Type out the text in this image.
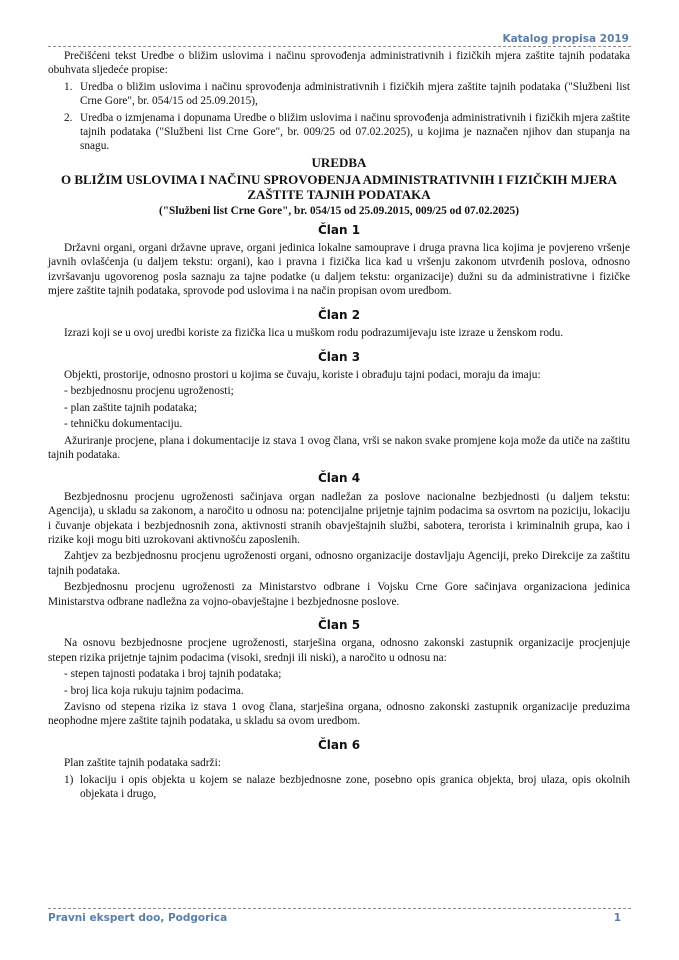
Katalog propisa 2019

Prečišćeni tekst Uredbe o bližim uslovima i načinu sprovođenja administrativnih i fizičkih mjera zaštite tajnih podataka obuhvata sljedeće propise:

1. Uredba o bližim uslovima i načinu sprovođenja administrativnih i fizičkih mjera zaštite tajnih podataka ("Službeni list Crne Gore", br. 054/15 od 25.09.2015),
2. Uredba o izmjenama i dopunama Uredbe o bližim uslovima i načinu sprovođenja administrativnih i fizičkih mjera zaštite tajnih podataka ("Službeni list Crne Gore", br. 009/25 od 07.02.2025), u kojima je naznačen njihov dan stupanja na snagu.

UREDBA

O BLIŽIM USLOVIMA I NAČINU SPROVOĐENJA ADMINISTRATIVNIH I FIZIČKIH MJERA ZAŠTITE TAJNIH PODATAKA

("Službeni list Crne Gore", br. 054/15 od 25.09.2015, 009/25 od 07.02.2025)

Član 1

Državni organi, organi državne uprave, organi jedinica lokalne samouprave i druga pravna lica kojima je povjereno vršenje javnih ovlašćenja (u daljem tekstu: organi), kao i pravna i fizička lica kad u vršenju zakonom utvrđenih poslova, odnosno izvršavanju ugovorenog posla saznaju za tajne podatke (u daljem tekstu: organizacije) dužni su da administrativne i fizičke mjere zaštite tajnih podataka, sprovode pod uslovima i na način propisan ovom uredbom.

Član 2

Izrazi koji se u ovoj uredbi koriste za fizička lica u muškom rodu podrazumijevaju iste izraze u ženskom rodu.

Član 3

Objekti, prostorije, odnosno prostori u kojima se čuvaju, koriste i obrađuju tajni podaci, moraju da imaju:

- bezbjednosnu procjenu ugroženosti;

- plan zaštite tajnih podataka;

- tehničku dokumentaciju.

Ažuriranje procjene, plana i dokumentacije iz stava 1 ovog člana, vrši se nakon svake promjene koja može da utiče na zaštitu tajnih podataka.

Član 4

Bezbjednosnu procjenu ugroženosti sačinjava organ nadležan za poslove nacionalne bezbjednosti (u daljem tekstu: Agencija), u skladu sa zakonom, a naročito u odnosu na: potencijalne prijetnje tajnim podacima sa osvrtom na poziciju, lokaciju i čuvanje objekata i bezbjednosnih zona, aktivnosti stranih obavještajnih službi, sabotera, terorista i kriminalnih grupa, kao i rizike koji mogu biti uzrokovani aktivnošću zaposlenih.

Zahtjev za bezbjednosnu procjenu ugroženosti organi, odnosno organizacije dostavljaju Agenciji, preko Direkcije za zaštitu tajnih podataka.

Bezbjednosnu procjenu ugroženosti za Ministarstvo odbrane i Vojsku Crne Gore sačinjava organizaciona jedinica Ministarstva odbrane nadležna za vojno-obavještajne i bezbjednosne poslove.

Član 5

Na osnovu bezbjednosne procjene ugroženosti, starješina organa, odnosno zakonski zastupnik organizacije procjenjuje stepen rizika prijetnje tajnim podacima (visoki, srednji ili niski), a naročito u odnosu na:

- stepen tajnosti podataka i broj tajnih podataka;

- broj lica koja rukuju tajnim podacima.

Zavisno od stepena rizika iz stava 1 ovog člana, starješina organa, odnosno zakonski zastupnik organizacije preduzima neophodne mjere zaštite tajnih podataka, u skladu sa ovom uredbom.

Član 6

Plan zaštite tajnih podataka sadrži:

1) lokaciju i opis objekta u kojem se nalaze bezbjednosne zone, posebno opis granica objekta, broj ulaza, opis okolnih objekata i drugo,
Pravni ekspert doo, Podgorica	1
